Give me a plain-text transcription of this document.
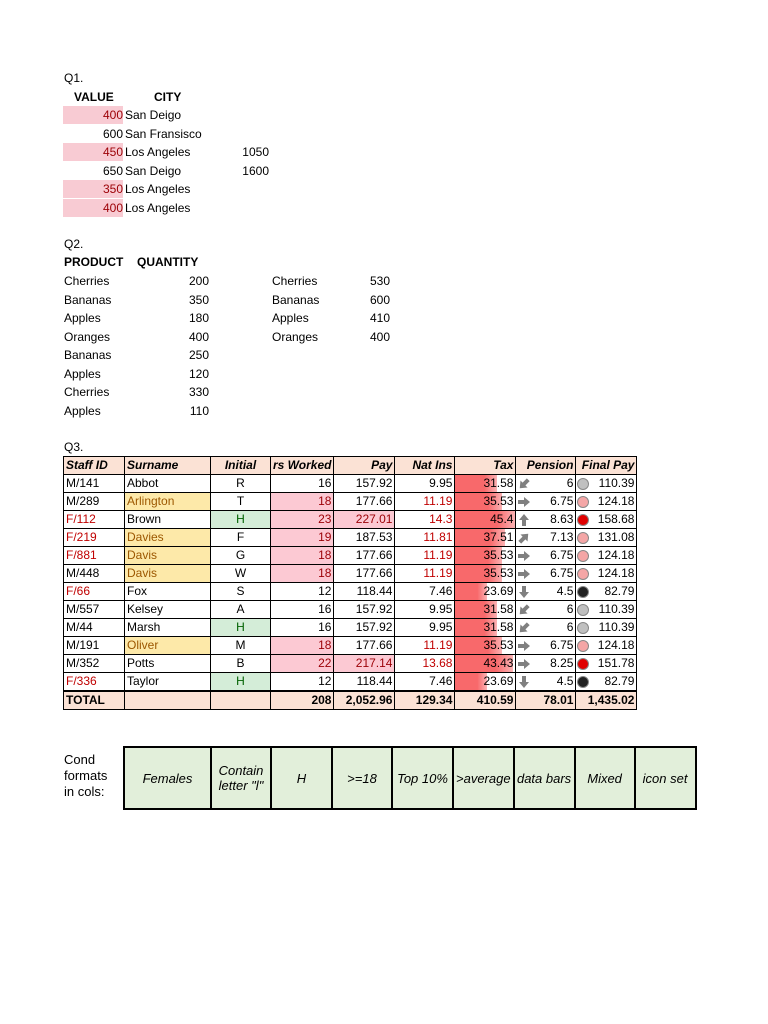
Q1.
VALUE	CITY
400 San Deigo
600 San Fransisco
450 Los Angeles	1050
650 San Deigo	1600
350 Los Angeles
400 Los Angeles
Q2.
PRODUCT QUANTITY
Cherries	200
Bananas	350
Apples	180
Oranges	400
Bananas	250
Apples	120
Cherries	330
Apples	110
Cherries	530
Bananas	600
Apples	410
Oranges	400
Q3.
Staff ID	Surname	Initial	rs Worked	Pay	Nat Ins	Tax	Pension	Final Pay
M/141	Abbot	R	16	157.92	9.95	31.58	6	110.39
M/289	Arlington	T	18	177.66	11.19	35.53	6.75	124.18
F/112	Brown	H	23	227.01	14.3	45.4	8.63	158.68
F/219	Davies	F	19	187.53	11.81	37.51	7.13	131.08
F/881	Davis	G	18	177.66	11.19	35.53	6.75	124.18
M/448	Davis	W	18	177.66	11.19	35.53	6.75	124.18
F/66	Fox	S	12	118.44	7.46	23.69	4.5	82.79
M/557	Kelsey	A	16	157.92	9.95	31.58	6	110.39
M/44	Marsh	H	16	157.92	9.95	31.58	6	110.39
M/191	Oliver	M	18	177.66	11.19	35.53	6.75	124.18
M/352	Potts	B	22	217.14	13.68	43.43	8.25	151.78
F/336	Taylor	H	12	118.44	7.46	23.69	4.5	82.79
TOTAL			208	2,052.96	129.34	410.59	78.01	1,435.02
Cond
formats
in cols:
Females	Contain letter "l"	H	>=18	Top 10%	>average	data bars	Mixed	icon set
